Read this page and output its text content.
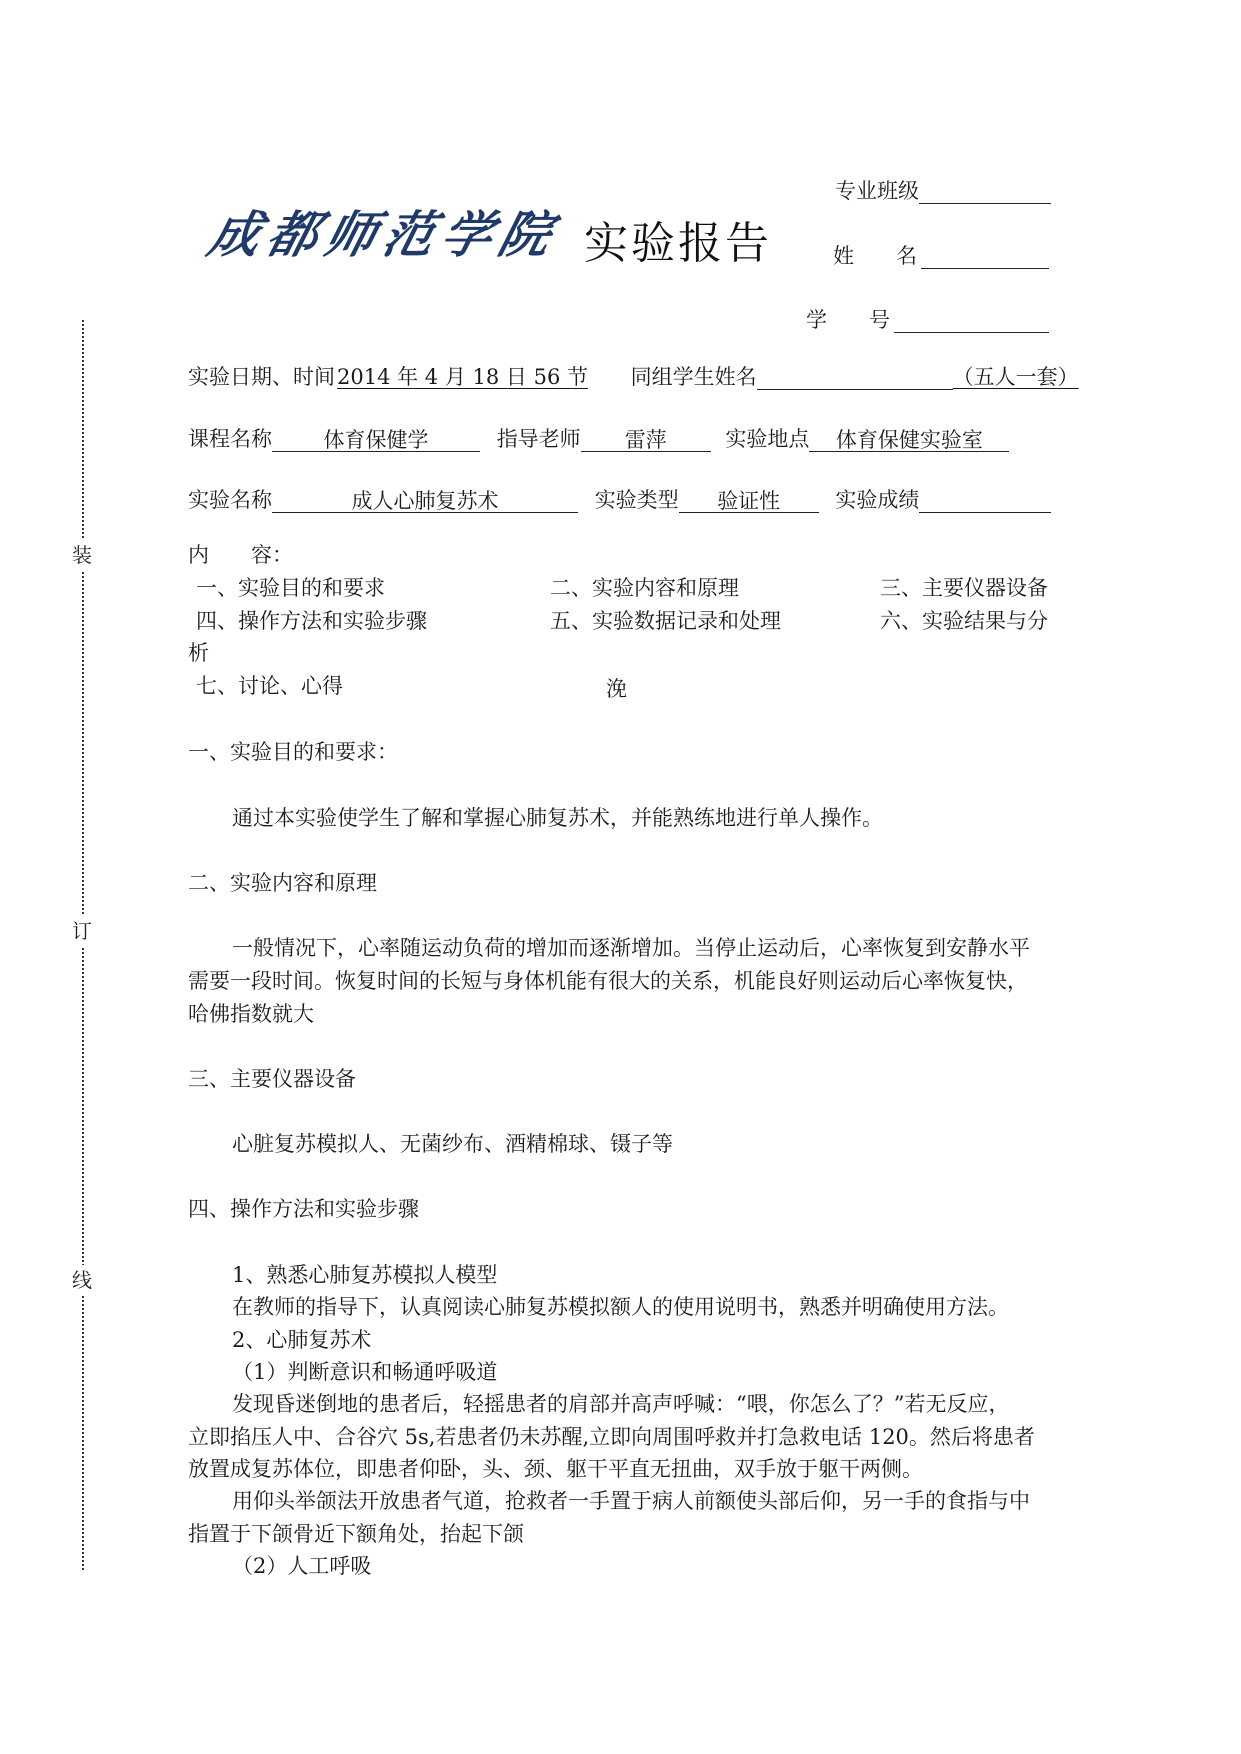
专业班级
成都师范学院 实验报告	姓　　名
学　　号
装
订
线
实验日期、时间2014 年 4 月 18 日 56 节 同组学生姓名	（五人一套）
课程名称 体育保健学	指导老师 雷萍	实验地点 体育保健实验室
实验名称	成人心肺复苏术	实验类型 验证性	实验成绩
内　　容：
一、实验目的和要求	二、实验内容和原理	三、主要仪器设备
四、操作方法和实验步骤	五、实验数据记录和处理	六、实验结果与分
析
七、讨论、心得	浼
一、实验目的和要求：
通过本实验使学生了解和掌握心肺复苏术，并能熟练地进行单人操作。
二、实验内容和原理
一般情况下，心率随运动负荷的增加而逐渐增加。当停止运动后，心率恢复到安静水平
需要一段时间。恢复时间的长短与身体机能有很大的关系，机能良好则运动后心率恢复快，
哈佛指数就大
三、主要仪器设备
心脏复苏模拟人、无菌纱布、酒精棉球、镊子等
四、操作方法和实验步骤
1、熟悉心肺复苏模拟人模型
在教师的指导下，认真阅读心肺复苏模拟额人的使用说明书，熟悉并明确使用方法。
2、心肺复苏术
（1）判断意识和畅通呼吸道
发现昏迷倒地的患者后，轻摇患者的肩部并高声呼喊：“喂，你怎么了？”若无反应，
立即掐压人中、合谷穴 5s,若患者仍未苏醒,立即向周围呼救并打急救电话 120。然后将患者
放置成复苏体位，即患者仰卧，头、颈、躯干平直无扭曲，双手放于躯干两侧。
用仰头举颌法开放患者气道，抢救者一手置于病人前额使头部后仰，另一手的食指与中
指置于下颌骨近下额角处，抬起下颌
（2）人工呼吸
